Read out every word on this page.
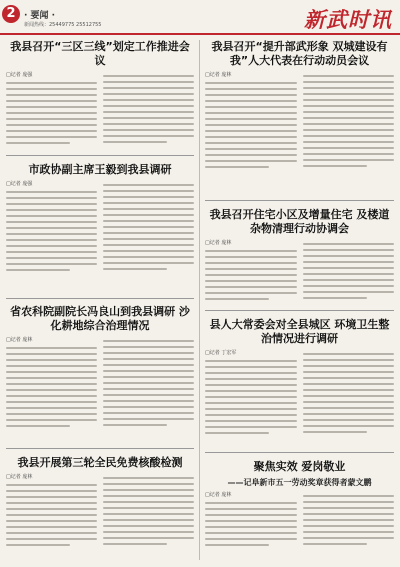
2 · 要闻 ·
新闻热线：25449775 25512755	新武时讯
我县召开“三区三线”划定工作推进会议
□记者 庞强
市政协副主席王毅到我县调研
□记者 庞强
省农科院副院长冯良山到我县调研 沙化耕地综合治理情况
□记者 庞林
我县开展第三轮全民免费核酸检测
□记者 庞林
我县召开“提升部武形象 双城建设有我”人大代表在行动动员会议
□记者 庞林
我县召开住宅小区及增量住宅 及楼道杂物清理行动协调会
□记者 庞林
县人大常委会对全县城区 环境卫生整治情况进行调研
□记者 丁宏军
聚焦实效 爱岗敬业
——记阜新市五一劳动奖章获得者蒙文鹏
□记者 庞林
